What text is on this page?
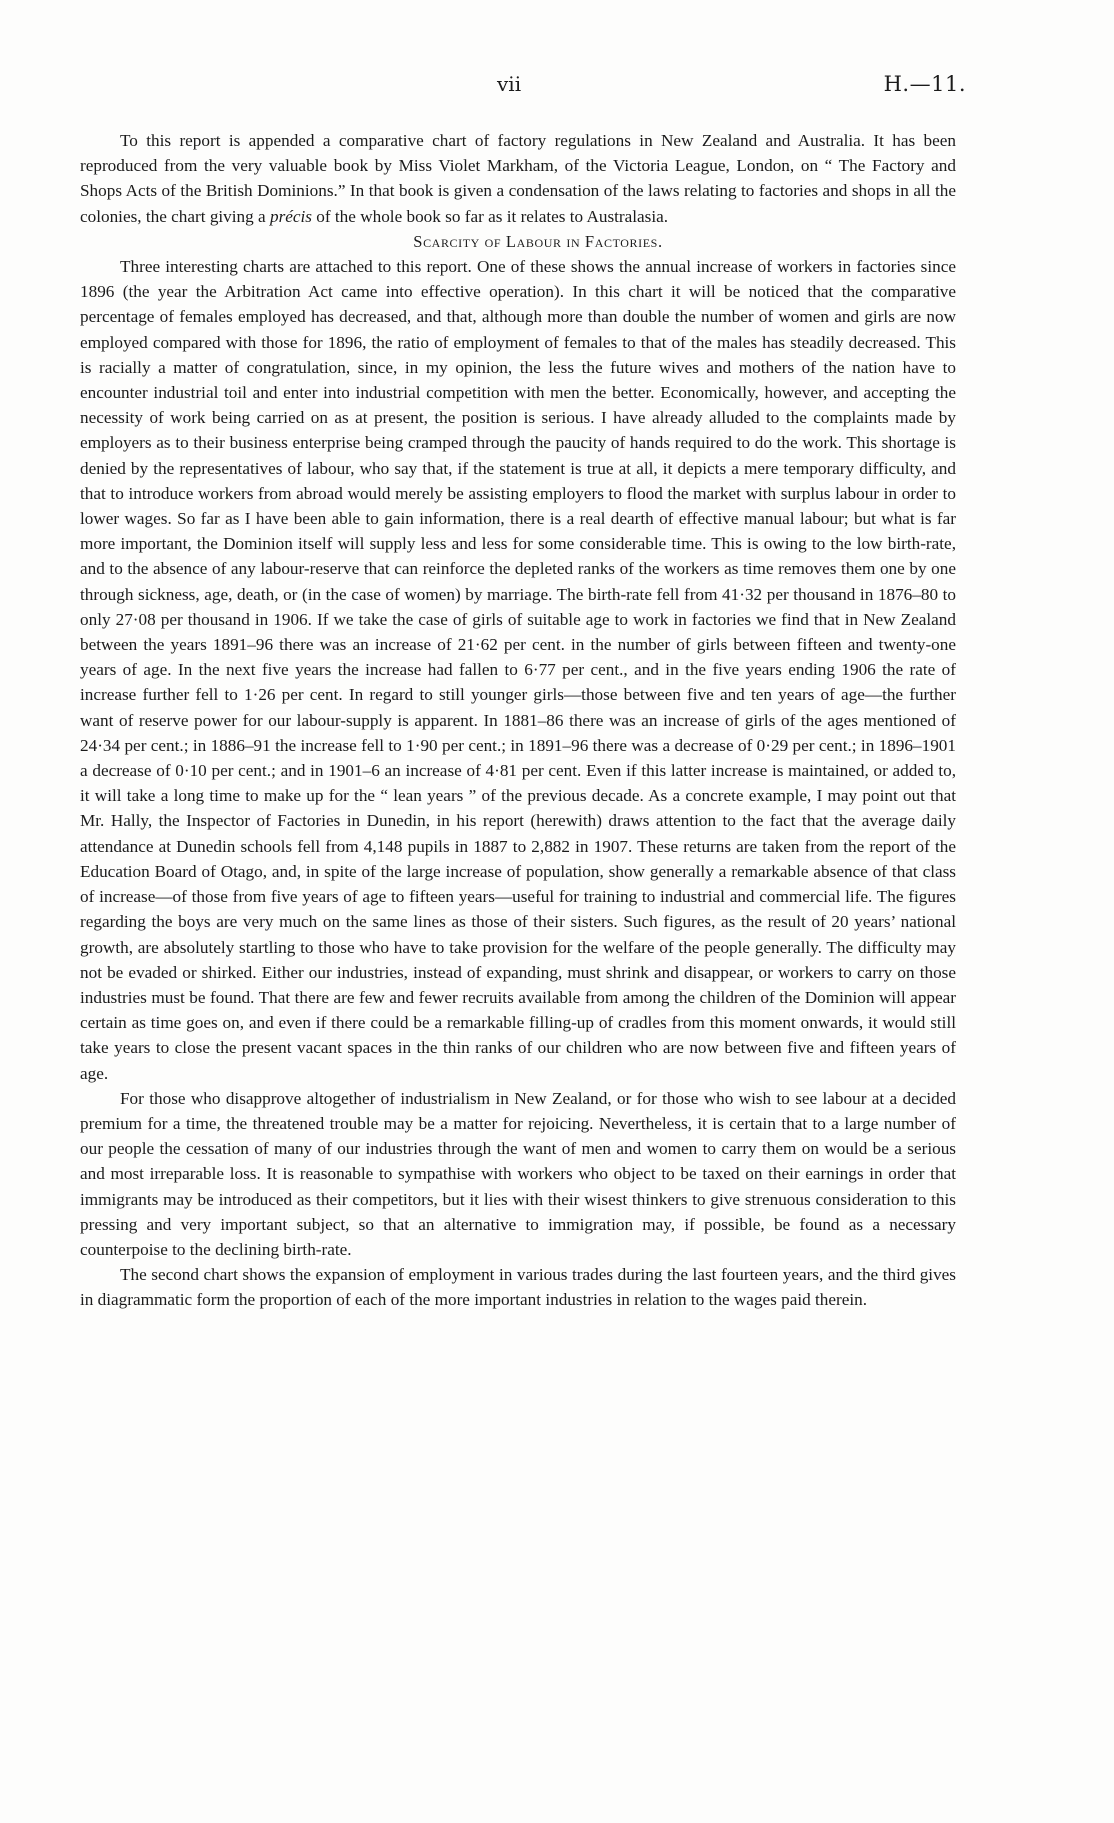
vii	H.—11.

To this report is appended a comparative chart of factory regulations in New Zealand and Australia. It has been reproduced from the very valuable book by Miss Violet Markham, of the Victoria League, London, on “ The Factory and Shops Acts of the British Dominions.” In that book is given a condensation of the laws relating to factories and shops in all the colonies, the chart giving a précis of the whole book so far as it relates to Australasia.

Scarcity of Labour in Factories.

Three interesting charts are attached to this report. One of these shows the annual increase of workers in factories since 1896 (the year the Arbitration Act came into effective operation). In this chart it will be noticed that the comparative percentage of females employed has decreased, and that, although more than double the number of women and girls are now employed compared with those for 1896, the ratio of employment of females to that of the males has steadily decreased. This is racially a matter of congratulation, since, in my opinion, the less the future wives and mothers of the nation have to encounter industrial toil and enter into industrial competition with men the better. Economically, however, and accepting the necessity of work being carried on as at present, the position is serious. I have already alluded to the complaints made by employers as to their business enterprise being cramped through the paucity of hands required to do the work. This shortage is denied by the representatives of labour, who say that, if the statement is true at all, it depicts a mere temporary difficulty, and that to introduce workers from abroad would merely be assisting employers to flood the market with surplus labour in order to lower wages. So far as I have been able to gain information, there is a real dearth of effective manual labour; but what is far more important, the Dominion itself will supply less and less for some considerable time. This is owing to the low birth-rate, and to the absence of any labour-reserve that can reinforce the depleted ranks of the workers as time removes them one by one through sickness, age, death, or (in the case of women) by marriage. The birth-rate fell from 41·32 per thousand in 1876–80 to only 27·08 per thousand in 1906. If we take the case of girls of suitable age to work in factories we find that in New Zealand between the years 1891–96 there was an increase of 21·62 per cent. in the number of girls between fifteen and twenty-one years of age. In the next five years the increase had fallen to 6·77 per cent., and in the five years ending 1906 the rate of increase further fell to 1·26 per cent. In regard to still younger girls—those between five and ten years of age—the further want of reserve power for our labour-supply is apparent. In 1881–86 there was an increase of girls of the ages mentioned of 24·34 per cent.; in 1886–91 the increase fell to 1·90 per cent.; in 1891–96 there was a decrease of 0·29 per cent.; in 1896–1901 a decrease of 0·10 per cent.; and in 1901–6 an increase of 4·81 per cent. Even if this latter increase is maintained, or added to, it will take a long time to make up for the “ lean years ” of the previous decade. As a concrete example, I may point out that Mr. Hally, the Inspector of Factories in Dunedin, in his report (herewith) draws attention to the fact that the average daily attendance at Dunedin schools fell from 4,148 pupils in 1887 to 2,882 in 1907. These returns are taken from the report of the Education Board of Otago, and, in spite of the large increase of population, show generally a remarkable absence of that class of increase—of those from five years of age to fifteen years—useful for training to industrial and commercial life. The figures regarding the boys are very much on the same lines as those of their sisters. Such figures, as the result of 20 years’ national growth, are absolutely startling to those who have to take provision for the welfare of the people generally. The difficulty may not be evaded or shirked. Either our industries, instead of expanding, must shrink and disappear, or workers to carry on those industries must be found. That there are few and fewer recruits available from among the children of the Dominion will appear certain as time goes on, and even if there could be a remarkable filling-up of cradles from this moment onwards, it would still take years to close the present vacant spaces in the thin ranks of our children who are now between five and fifteen years of age.

For those who disapprove altogether of industrialism in New Zealand, or for those who wish to see labour at a decided premium for a time, the threatened trouble may be a matter for rejoicing. Nevertheless, it is certain that to a large number of our people the cessation of many of our industries through the want of men and women to carry them on would be a serious and most irreparable loss. It is reasonable to sympathise with workers who object to be taxed on their earnings in order that immigrants may be introduced as their competitors, but it lies with their wisest thinkers to give strenuous consideration to this pressing and very important subject, so that an alternative to immigration may, if possible, be found as a necessary counterpoise to the declining birth-rate.

The second chart shows the expansion of employment in various trades during the last fourteen years, and the third gives in diagrammatic form the proportion of each of the more important industries in relation to the wages paid therein.
